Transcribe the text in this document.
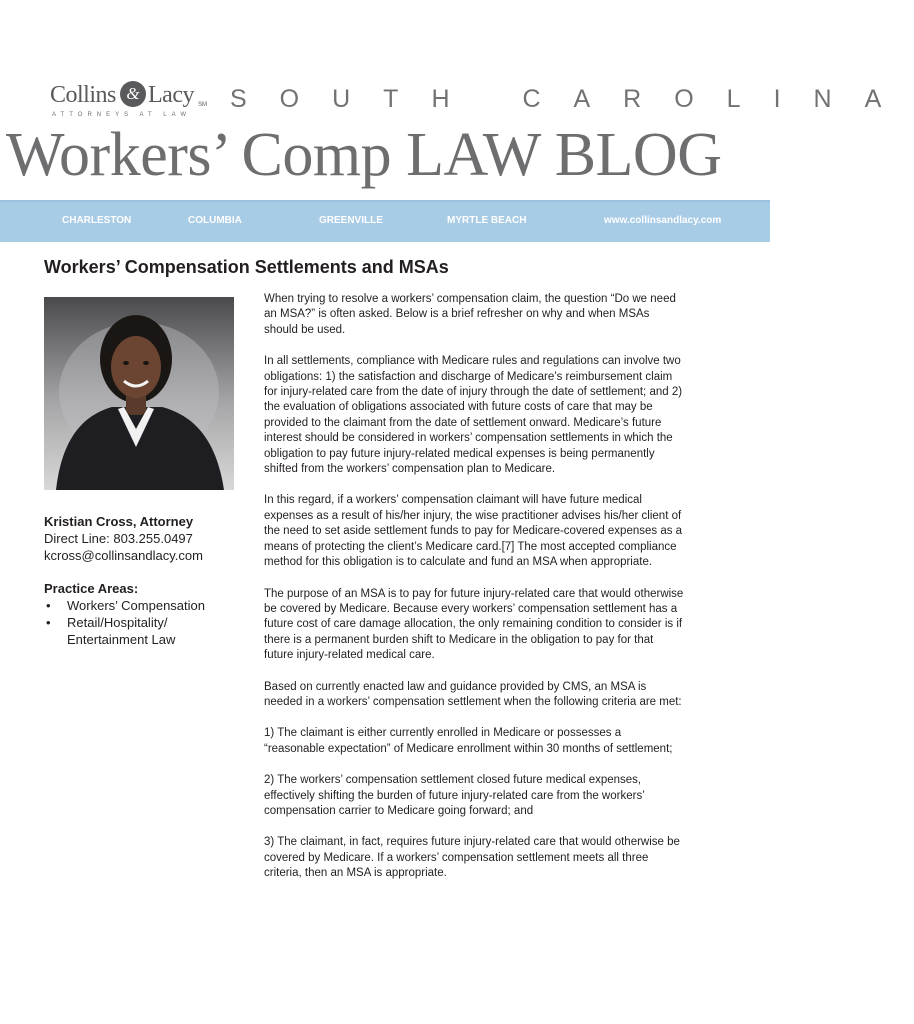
Collins & Lacy SM
ATTORNEYS AT LAW
SOUTH CAROLINA
Workers’ Comp LAW BLOG
CHARLESTON	COLUMBIA	GREENVILLE	MYRTLE BEACH	www.collinsandlacy.com
Workers’ Compensation Settlements and MSAs
Kristian Cross, Attorney
Direct Line: 803.255.0497
kcross@collinsandlacy.com
Practice Areas:
• Workers’ Compensation
• Retail/Hospitality/ Entertainment Law

When trying to resolve a workers’ compensation claim, the question “Do we need an MSA?” is often asked. Below is a brief refresher on why and when MSAs should be used.

In all settlements, compliance with Medicare rules and regulations can involve two obligations: 1) the satisfaction and discharge of Medicare’s reimbursement claim for injury-related care from the date of injury through the date of settlement; and 2) the evaluation of obligations associated with future costs of care that may be provided to the claimant from the date of settlement onward. Medicare’s future interest should be considered in workers’ compensation settlements in which the obligation to pay future injury-related medical expenses is being permanently shifted from the workers’ compensation plan to Medicare.

In this regard, if a workers’ compensation claimant will have future medical expenses as a result of his/her injury, the wise practitioner advises his/her client of the need to set aside settlement funds to pay for Medicare-covered expenses as a means of protecting the client’s Medicare card.[7] The most accepted compliance method for this obligation is to calculate and fund an MSA when appropriate.

The purpose of an MSA is to pay for future injury-related care that would otherwise be covered by Medicare. Because every workers’ compensation settlement has a future cost of care damage allocation, the only remaining condition to consider is if there is a permanent burden shift to Medicare in the obligation to pay for that future injury-related medical care.

Based on currently enacted law and guidance provided by CMS, an MSA is needed in a workers’ compensation settlement when the following criteria are met:

1) The claimant is either currently enrolled in Medicare or possesses a “reasonable expectation” of Medicare enrollment within 30 months of settlement;

2) The workers’ compensation settlement closed future medical expenses, effectively shifting the burden of future injury-related care from the workers’ compensation carrier to Medicare going forward; and

3) The claimant, in fact, requires future injury-related care that would otherwise be covered by Medicare. If a workers’ compensation settlement meets all three criteria, then an MSA is appropriate.
